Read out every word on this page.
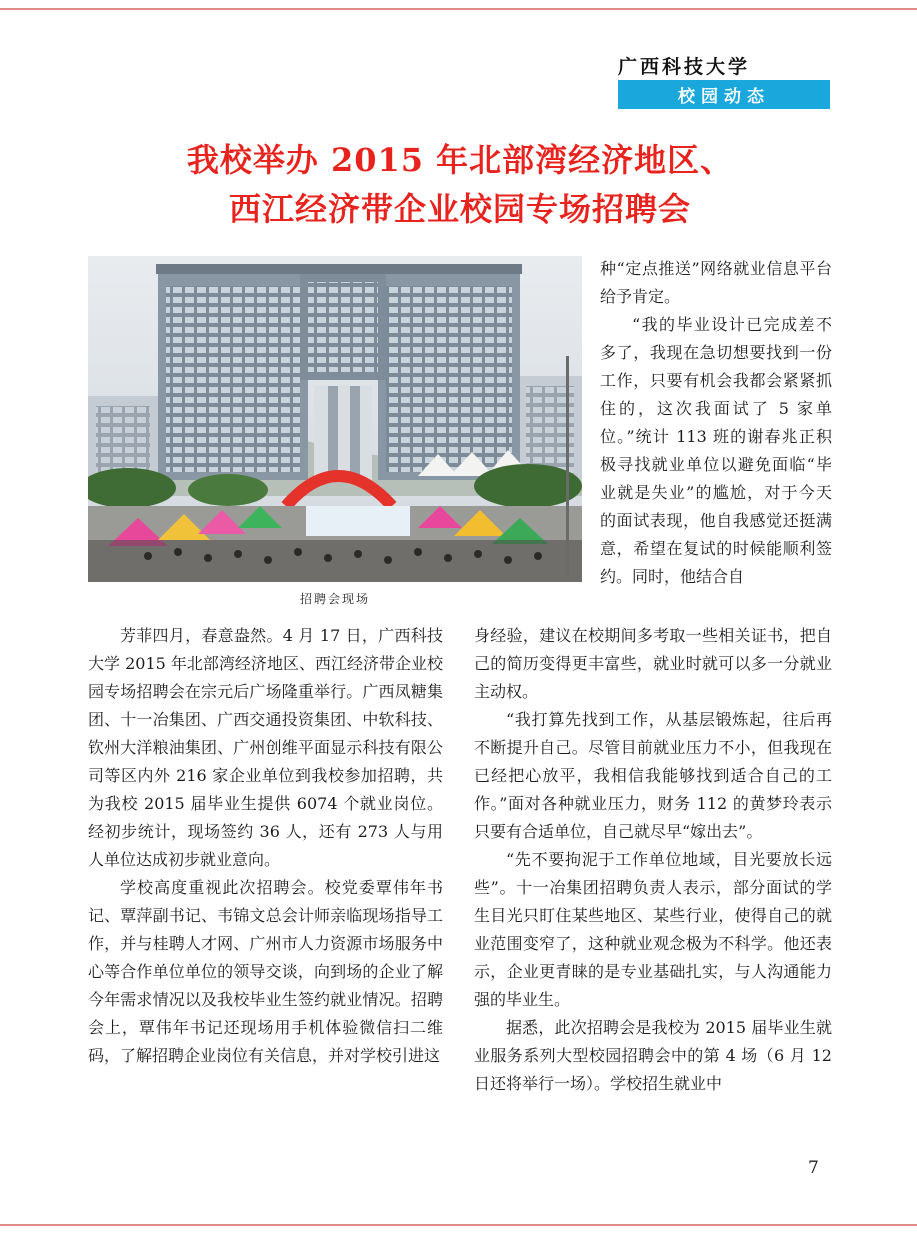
广西科技大学
校园动态
我校举办 2015 年北部湾经济地区、
西江经济带企业校园专场招聘会
招聘会现场

种“定点推送”网络就业信息平台给予肯定。

“我的毕业设计已完成差不多了，我现在急切想要找到一份工作，只要有机会我都会紧紧抓住的，这次我面试了 5 家单位。”统计 113 班的谢春兆正积极寻找就业单位以避免面临“毕业就是失业”的尴尬，对于今天的面试表现，他自我感觉还挺满意，希望在复试的时候能顺利签约。同时，他结合自

身经验，建议在校期间多考取一些相关证书，把自己的简历变得更丰富些，就业时就可以多一分就业主动权。

“我打算先找到工作，从基层锻炼起，往后再不断提升自己。尽管目前就业压力不小，但我现在已经把心放平，我相信我能够找到适合自己的工作。”面对各种就业压力，财务 112 的黄梦玲表示只要有合适单位，自己就尽早“嫁出去”。

“先不要拘泥于工作单位地域，目光要放长远些”。十一冶集团招聘负责人表示，部分面试的学生目光只盯住某些地区、某些行业，使得自己的就业范围变窄了，这种就业观念极为不科学。他还表示，企业更青睐的是专业基础扎实，与人沟通能力强的毕业生。

据悉，此次招聘会是我校为 2015 届毕业生就业服务系列大型校园招聘会中的第 4 场（6 月 12 日还将举行一场）。学校招生就业中

芳菲四月，春意盎然。4 月 17 日，广西科技大学 2015 年北部湾经济地区、西江经济带企业校园专场招聘会在宗元后广场隆重举行。广西凤糖集团、十一冶集团、广西交通投资集团、中软科技、钦州大洋粮油集团、广州创维平面显示科技有限公司等区内外 216 家企业单位到我校参加招聘，共为我校 2015 届毕业生提供 6074 个就业岗位。经初步统计，现场签约 36 人，还有 273 人与用人单位达成初步就业意向。

学校高度重视此次招聘会。校党委覃伟年书记、覃萍副书记、韦锦文总会计师亲临现场指导工作，并与桂聘人才网、广州市人力资源市场服务中心等合作单位单位的领导交谈，向到场的企业了解今年需求情况以及我校毕业生签约就业情况。招聘会上，覃伟年书记还现场用手机体验微信扫二维码，了解招聘企业岗位有关信息，并对学校引进这

7
